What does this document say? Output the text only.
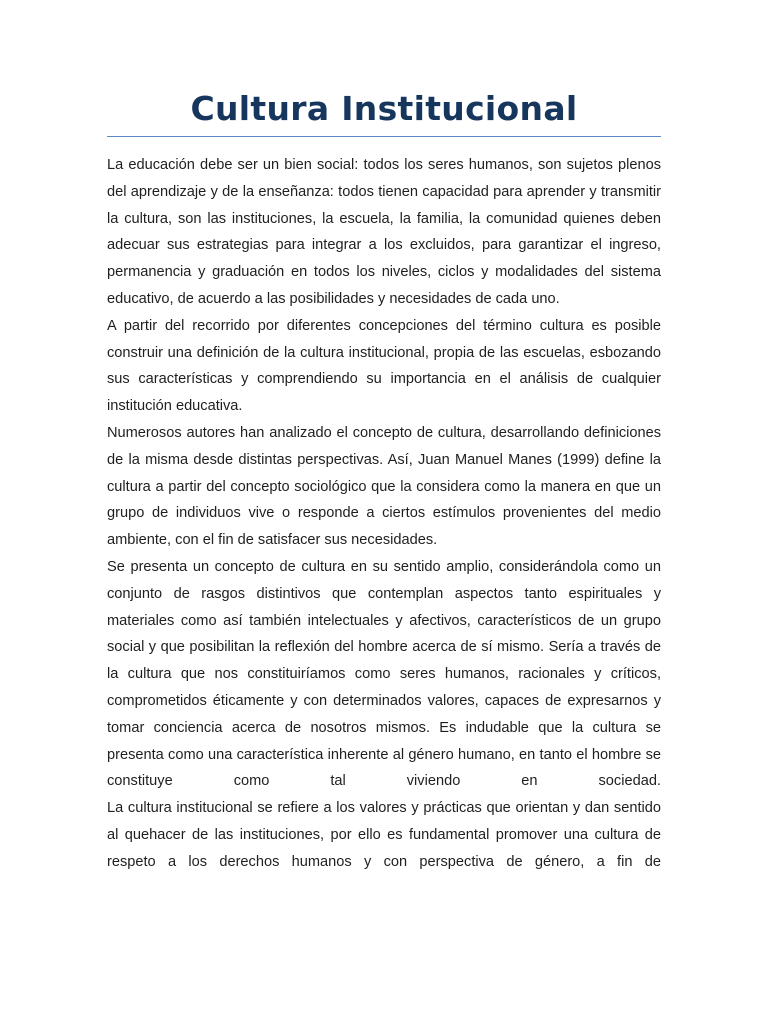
Cultura Institucional

La educación debe ser un bien social: todos los seres humanos, son sujetos plenos del aprendizaje y de la enseñanza: todos tienen capacidad para aprender y transmitir la cultura, son las instituciones, la escuela, la familia, la comunidad quienes deben adecuar sus estrategias para integrar a los excluidos, para garantizar el ingreso, permanencia y graduación en todos los niveles, ciclos y modalidades del sistema educativo, de acuerdo a las posibilidades y necesidades de cada uno.

A partir del recorrido por diferentes concepciones del término cultura es posible construir una definición de la cultura institucional, propia de las escuelas, esbozando sus características y comprendiendo su importancia en el análisis de cualquier institución educativa.

Numerosos autores han analizado el concepto de cultura, desarrollando definiciones de la misma desde distintas perspectivas. Así, Juan Manuel Manes (1999) define la cultura a partir del concepto sociológico que la considera como la manera en que un grupo de individuos vive o responde a ciertos estímulos provenientes del medio ambiente, con el fin de satisfacer sus necesidades.

Se presenta un concepto de cultura en su sentido amplio, considerándola como un conjunto de rasgos distintivos que contemplan aspectos tanto espirituales y materiales como así también intelectuales y afectivos, característicos de un grupo social y que posibilitan la reflexión del hombre acerca de sí mismo. Sería a través de la cultura que nos constituiríamos como seres humanos, racionales y críticos, comprometidos éticamente y con determinados valores, capaces de expresarnos y tomar conciencia acerca de nosotros mismos. Es indudable que la cultura se presenta como una característica inherente al género humano, en tanto el hombre se constituye como tal viviendo en sociedad.

La cultura institucional se refiere a los valores y prácticas que orientan y dan sentido al quehacer de las instituciones, por ello es fundamental promover una cultura de respeto a los derechos humanos y con perspectiva de género, a fin de
